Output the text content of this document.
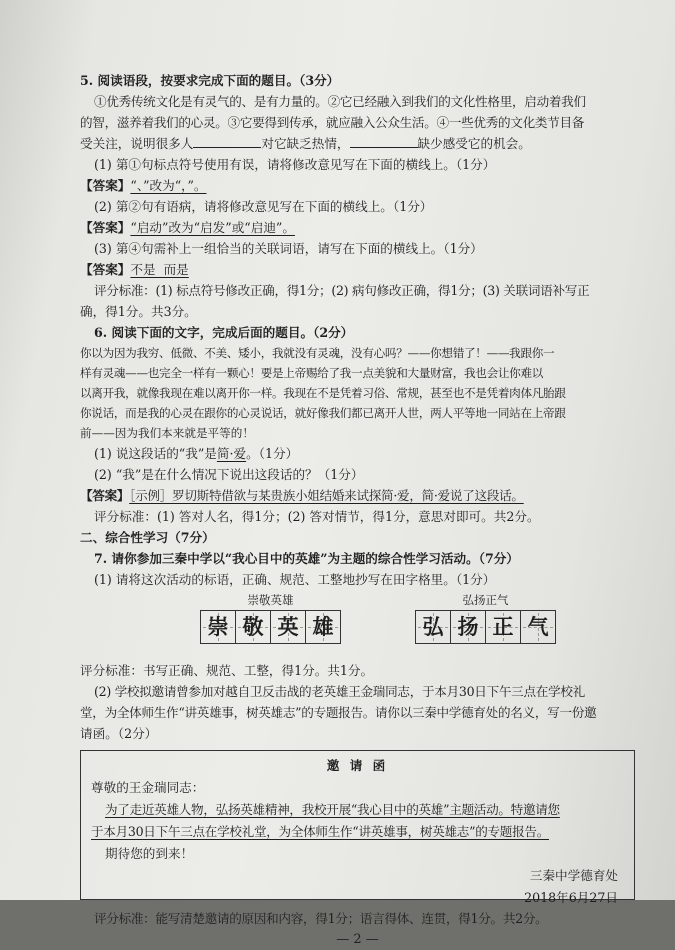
5. 阅读语段，按要求完成下面的题目。（3分）

①优秀传统文化是有灵气的、是有力量的。②它已经融入到我们的文化性格里，启动着我们

的智，滋养着我们的心灵。③它要得到传承，就应融入公众生活。④一些优秀的文化类节目备

受关注，说明很多人	对它缺乏热情，	缺少感受它的机会。

(1) 第①句标点符号使用有误，请将修改意见写在下面的横线上。（1分）

【答案】“、”改为“，”。

(2) 第②句有语病，请将修改意见写在下面的横线上。（1分）

【答案】“启动”改为“启发”或“启迪”。

(3) 第④句需补上一组恰当的关联词语，请写在下面的横线上。（1分）

【答案】不是  而是

评分标准：(1) 标点符号修改正确，得1分；(2) 病句修改正确，得1分；(3) 关联词语补写正

确，得1分。共3分。

6. 阅读下面的文字，完成后面的题目。（2分）

你以为因为我穷、低微、不美、矮小，我就没有灵魂，没有心吗？——你想错了！——我跟你一

样有灵魂——也完全一样有一颗心！要是上帝赐给了我一点美貌和大量财富，我也会让你难以

以离开我，就像我现在难以离开你一样。我现在不是凭着习俗、常规，甚至也不是凭着肉体凡胎跟

你说话，而是我的心灵在跟你的心灵说话，就好像我们都已离开人世，两人平等地一同站在上帝跟

前——因为我们本来就是平等的！

(1) 说这段话的“我”是简·爱。（1分）

(2) “我”是在什么情况下说出这段话的？（1分）

【答案】［示例］罗切斯特借欲与某贵族小姐结婚来试探简·爱，简·爱说了这段话。

评分标准：(1) 答对人名，得1分；(2) 答对情节，得1分，意思对即可。共2分。

二、综合性学习（7分）

7. 请你参加三秦中学以“我心目中的英雄”为主题的综合性学习活动。（7分）

(1) 请将这次活动的标语，正确、规范、工整地抄写在田字格里。（1分）

崇敬英雄
崇 敬 英 雄
弘扬正气
弘 扬 正 气

评分标准：书写正确、规范、工整，得1分。共1分。

(2) 学校拟邀请曾参加对越自卫反击战的老英雄王金瑞同志，于本月30日下午三点在学校礼

堂，为全体师生作“讲英雄事，树英雄志”的专题报告。请你以三秦中学德育处的名义，写一份邀

请函。（2分）

邀 请 函

尊敬的王金瑞同志：

为了走近英雄人物，弘扬英雄精神，我校开展“我心目中的英雄”主题活动。特邀请您

于本月30日下午三点在学校礼堂，为全体师生作“讲英雄事，树英雄志”的专题报告。

期待您的到来！

三秦中学德育处

2018年6月27日

评分标准：能写清楚邀请的原因和内容，得1分；语言得体、连贯，得1分。共2分。

— 2 —
